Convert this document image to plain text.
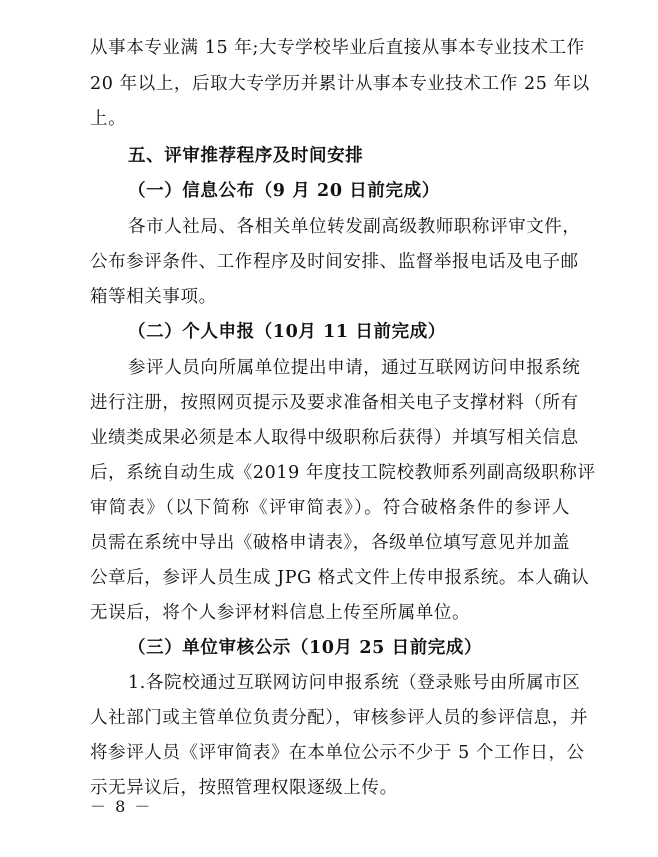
从事本专业满 15 年;大专学校毕业后直接从事本专业技术工作
20 年以上，后取大专学历并累计从事本专业技术工作 25 年以
上。
五、评审推荐程序及时间安排
（一）信息公布（9 月 20 日前完成）
各市人社局、各相关单位转发副高级教师职称评审文件，
公布参评条件、工作程序及时间安排、监督举报电话及电子邮
箱等相关事项。
（二）个人申报（10月 11 日前完成）
参评人员向所属单位提出申请，通过互联网访问申报系统
进行注册，按照网页提示及要求准备相关电子支撑材料（所有
业绩类成果必须是本人取得中级职称后获得）并填写相关信息
后，系统自动生成《2019 年度技工院校教师系列副高级职称评
审简表》（以下简称《评审简表》）。符合破格条件的参评人
员需在系统中导出《破格申请表》，各级单位填写意见并加盖
公章后，参评人员生成 JPG 格式文件上传申报系统。本人确认
无误后，将个人参评材料信息上传至所属单位。
（三）单位审核公示（10月 25 日前完成）
1.各院校通过互联网访问申报系统（登录账号由所属市区
人社部门或主管单位负责分配），审核参评人员的参评信息，并
将参评人员《评审简表》在本单位公示不少于 5 个工作日，公
示无异议后，按照管理权限逐级上传。
－ 8 －
